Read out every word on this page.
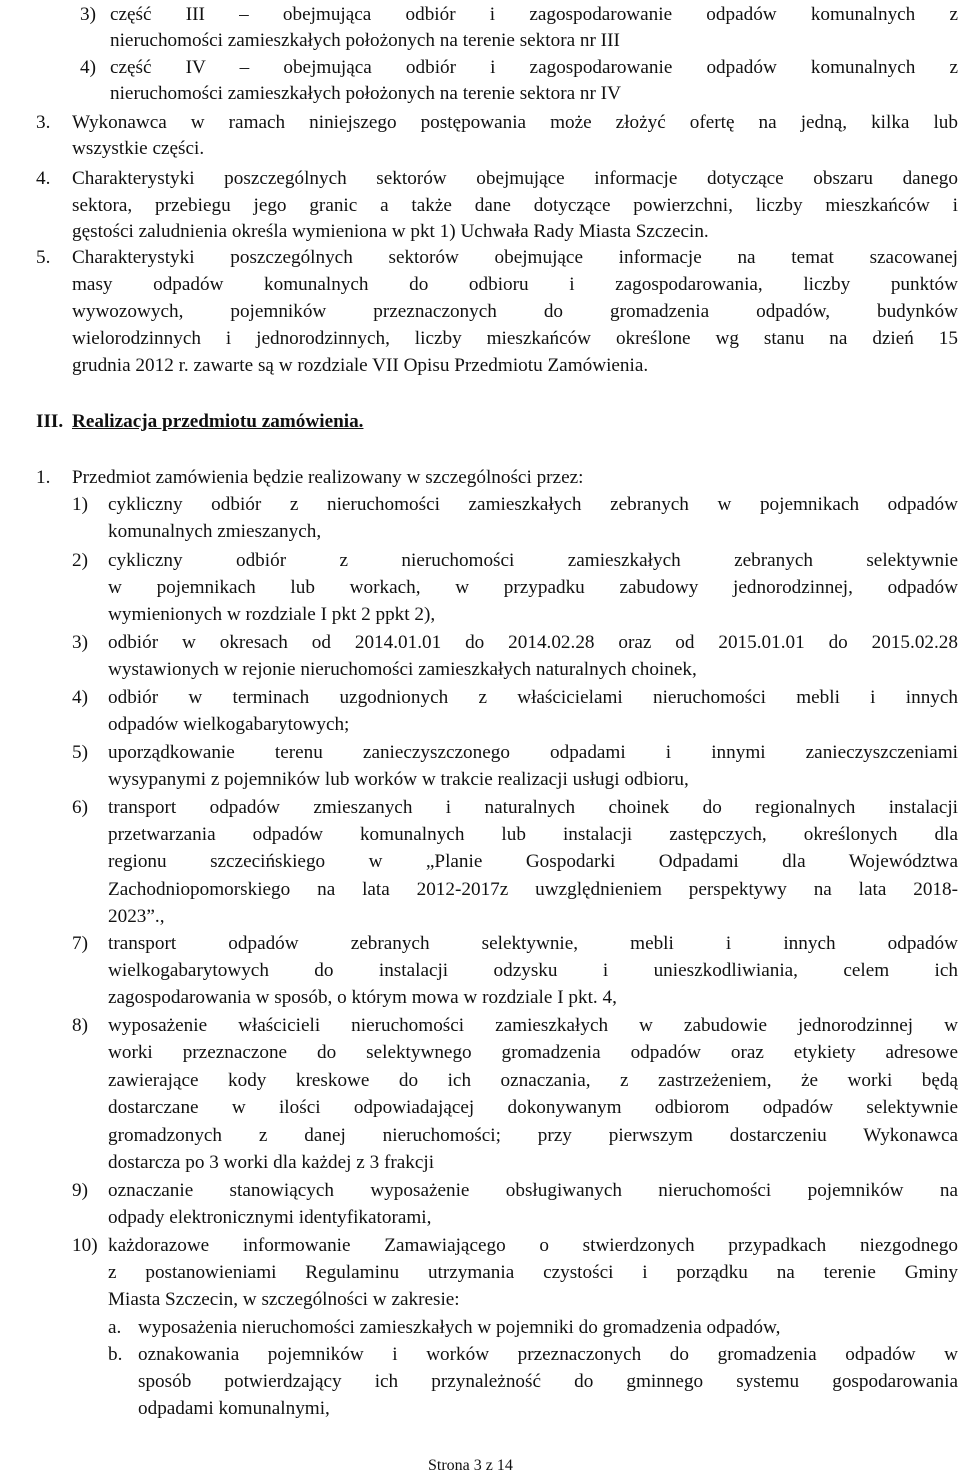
3) część III – obejmująca odbiór i zagospodarowanie odpadów komunalnych z
nieruchomości zamieszkałych położonych na terenie sektora nr III
4) część IV – obejmująca odbiór i zagospodarowanie odpadów komunalnych z
nieruchomości zamieszkałych położonych na terenie sektora nr IV
3. Wykonawca w ramach niniejszego postępowania może złożyć ofertę na jedną, kilka lub
wszystkie części.
4. Charakterystyki poszczególnych sektorów obejmujące informacje dotyczące obszaru danego
sektora, przebiegu jego granic a także dane dotyczące powierzchni, liczby mieszkańców i
gęstości zaludnienia określa wymieniona w pkt 1) Uchwała Rady Miasta Szczecin.
5. Charakterystyki poszczególnych sektorów obejmujące informacje na temat szacowanej
masy odpadów komunalnych do odbioru i zagospodarowania, liczby punktów
wywozowych, pojemników przeznaczonych do gromadzenia odpadów, budynków
wielorodzinnych i jednorodzinnych, liczby mieszkańców określone wg stanu na dzień 15
grudnia 2012 r. zawarte są w rozdziale VII Opisu Przedmiotu Zamówienia.
III. Realizacja przedmiotu zamówienia.
1. Przedmiot zamówienia będzie realizowany w szczególności przez:
1) cykliczny odbiór z nieruchomości zamieszkałych zebranych w pojemnikach odpadów
komunalnych zmieszanych,
2) cykliczny odbiór z nieruchomości zamieszkałych zebranych selektywnie
w pojemnikach lub workach, w przypadku zabudowy jednorodzinnej, odpadów
wymienionych w rozdziale I pkt 2 ppkt 2),
3) odbiór w okresach od 2014.01.01 do 2014.02.28 oraz od 2015.01.01 do 2015.02.28
wystawionych w rejonie nieruchomości zamieszkałych naturalnych choinek,
4) odbiór w terminach uzgodnionych z właścicielami nieruchomości mebli i innych
odpadów wielkogabarytowych;
5) uporządkowanie terenu zanieczyszczonego odpadami i innymi zanieczyszczeniami
wysypanymi z pojemników lub worków w trakcie realizacji usługi odbioru,
6) transport odpadów zmieszanych i naturalnych choinek do regionalnych instalacji
przetwarzania odpadów komunalnych lub instalacji zastępczych, określonych dla
regionu szczecińskiego w „Planie Gospodarki Odpadami dla Województwa
Zachodniopomorskiego na lata 2012-2017z uwzględnieniem perspektywy na lata 2018-
2023”.,
7) transport odpadów zebranych selektywnie, mebli i innych odpadów
wielkogabarytowych do instalacji odzysku i unieszkodliwiania, celem ich
zagospodarowania w sposób, o którym mowa w rozdziale I pkt. 4,
8) wyposażenie właścicieli nieruchomości zamieszkałych w zabudowie jednorodzinnej w
worki przeznaczone do selektywnego gromadzenia odpadów oraz etykiety adresowe
zawierające kody kreskowe do ich oznaczania, z zastrzeżeniem, że worki będą
dostarczane w ilości odpowiadającej dokonywanym odbiorom odpadów selektywnie
gromadzonych z danej nieruchomości; przy pierwszym dostarczeniu Wykonawca
dostarcza po 3 worki dla każdej z 3 frakcji
9) oznaczanie stanowiących wyposażenie obsługiwanych nieruchomości pojemników na
odpady elektronicznymi identyfikatorami,
10) każdorazowe informowanie Zamawiającego o stwierdzonych przypadkach niezgodnego
z postanowieniami Regulaminu utrzymania czystości i porządku na terenie Gminy
Miasta Szczecin, w szczególności w zakresie:
a. wyposażenia nieruchomości zamieszkałych w pojemniki do gromadzenia odpadów,
b. oznakowania pojemników i worków przeznaczonych do gromadzenia odpadów w
sposób potwierdzający ich przynależność do gminnego systemu gospodarowania
odpadami komunalnymi,
Strona 3 z 14
